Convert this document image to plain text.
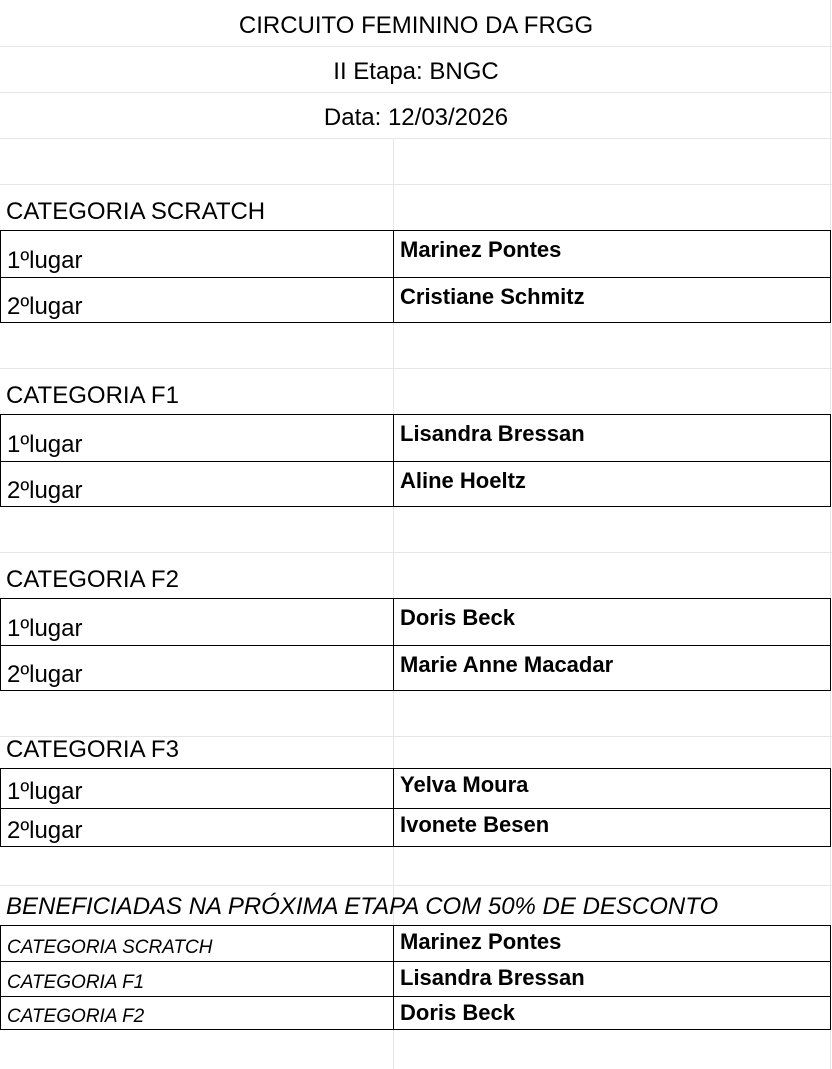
CIRCUITO FEMININO DA FRGG
II Etapa: BNGC
Data: 12/03/2026
CATEGORIA SCRATCH
1ºlugar	Marinez Pontes
2ºlugar	Cristiane Schmitz
CATEGORIA F1
1ºlugar	Lisandra Bressan
2ºlugar	Aline Hoeltz
CATEGORIA F2
1ºlugar	Doris Beck
2ºlugar	Marie Anne Macadar
CATEGORIA F3
1ºlugar	Yelva Moura
2ºlugar	Ivonete Besen
BENEFICIADAS NA PRÓXIMA ETAPA COM 50% DE DESCONTO
CATEGORIA SCRATCH	Marinez Pontes
CATEGORIA F1	Lisandra Bressan
CATEGORIA F2	Doris Beck
